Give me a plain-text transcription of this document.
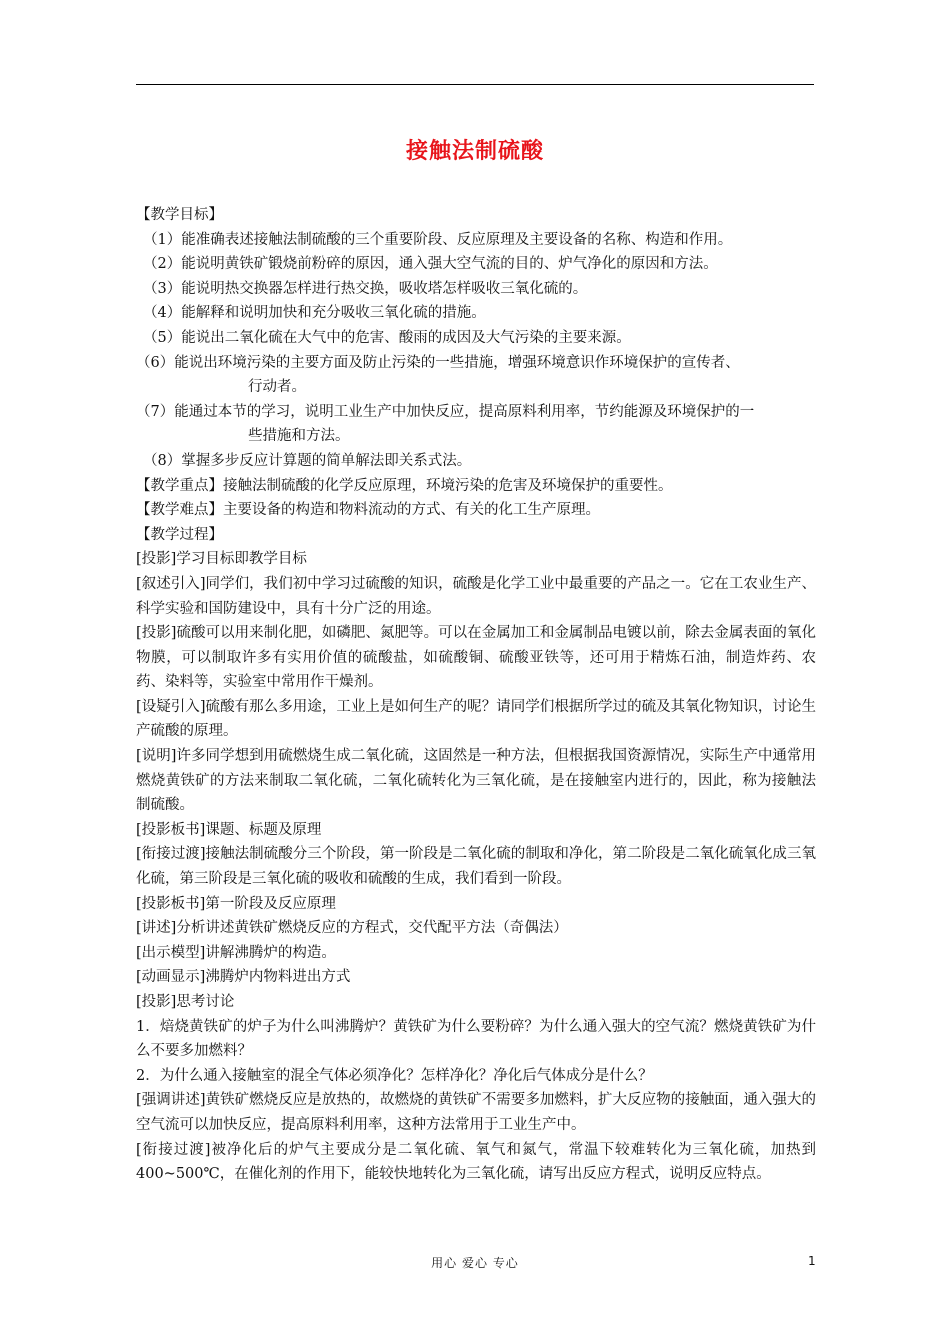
接触法制硫酸
【教学目标】
（1）能准确表述接触法制硫酸的三个重要阶段、反应原理及主要设备的名称、构造和作用。
（2）能说明黄铁矿锻烧前粉碎的原因，通入强大空气流的目的、炉气净化的原因和方法。
（3）能说明热交换器怎样进行热交换，吸收塔怎样吸收三氧化硫的。
（4）能解释和说明加快和充分吸收三氧化硫的措施。
（5）能说出二氧化硫在大气中的危害、酸雨的成因及大气污染的主要来源。
（6）能说出环境污染的主要方面及防止污染的一些措施，增强环境意识作环境保护的宣传者、
行动者。
（7）能通过本节的学习，说明工业生产中加快反应，提高原料利用率，节约能源及环境保护的一
些措施和方法。
（8）掌握多步反应计算题的简单解法即关系式法。
【教学重点】接触法制硫酸的化学反应原理，环境污染的危害及环境保护的重要性。
【教学难点】主要设备的构造和物料流动的方式、有关的化工生产原理。
【教学过程】
[投影]学习目标即教学目标
[叙述引入]同学们，我们初中学习过硫酸的知识，硫酸是化学工业中最重要的产品之一。它在工农业生产、科学实验和国防建设中，具有十分广泛的用途。
[投影]硫酸可以用来制化肥，如磷肥、氮肥等。可以在金属加工和金属制品电镀以前，除去金属表面的氧化物膜，可以制取许多有实用价值的硫酸盐，如硫酸铜、硫酸亚铁等，还可用于精炼石油，制造炸药、农药、染料等，实验室中常用作干燥剂。
[设疑引入]硫酸有那么多用途，工业上是如何生产的呢？请同学们根据所学过的硫及其氧化物知识，讨论生产硫酸的原理。
[说明]许多同学想到用硫燃烧生成二氧化硫，这固然是一种方法，但根据我国资源情况，实际生产中通常用燃烧黄铁矿的方法来制取二氧化硫，二氧化硫转化为三氧化硫，是在接触室内进行的，因此，称为接触法制硫酸。
[投影板书]课题、标题及原理
[衔接过渡]接触法制硫酸分三个阶段，第一阶段是二氧化硫的制取和净化，第二阶段是二氧化硫氧化成三氧化硫，第三阶段是三氧化硫的吸收和硫酸的生成，我们看到一阶段。
[投影板书]第一阶段及反应原理
[讲述]分析讲述黄铁矿燃烧反应的方程式，交代配平方法（奇偶法）
[出示模型]讲解沸腾炉的构造。
[动画显示]沸腾炉内物料进出方式
[投影]思考讨论
1．焙烧黄铁矿的炉子为什么叫沸腾炉？黄铁矿为什么要粉碎？为什么通入强大的空气流？燃烧黄铁矿为什么不要多加燃料？
2．为什么通入接触室的混全气体必须净化？怎样净化？净化后气体成分是什么？
[强调讲述]黄铁矿燃烧反应是放热的，故燃烧的黄铁矿不需要多加燃料，扩大反应物的接触面，通入强大的空气流可以加快反应，提高原料利用率，这种方法常用于工业生产中。
[衔接过渡]被净化后的炉气主要成分是二氧化硫、氧气和氮气，常温下较难转化为三氧化硫，加热到400~500℃，在催化剂的作用下，能较快地转化为三氧化硫，请写出反应方程式，说明反应特点。
用心 爱心 专心	1
